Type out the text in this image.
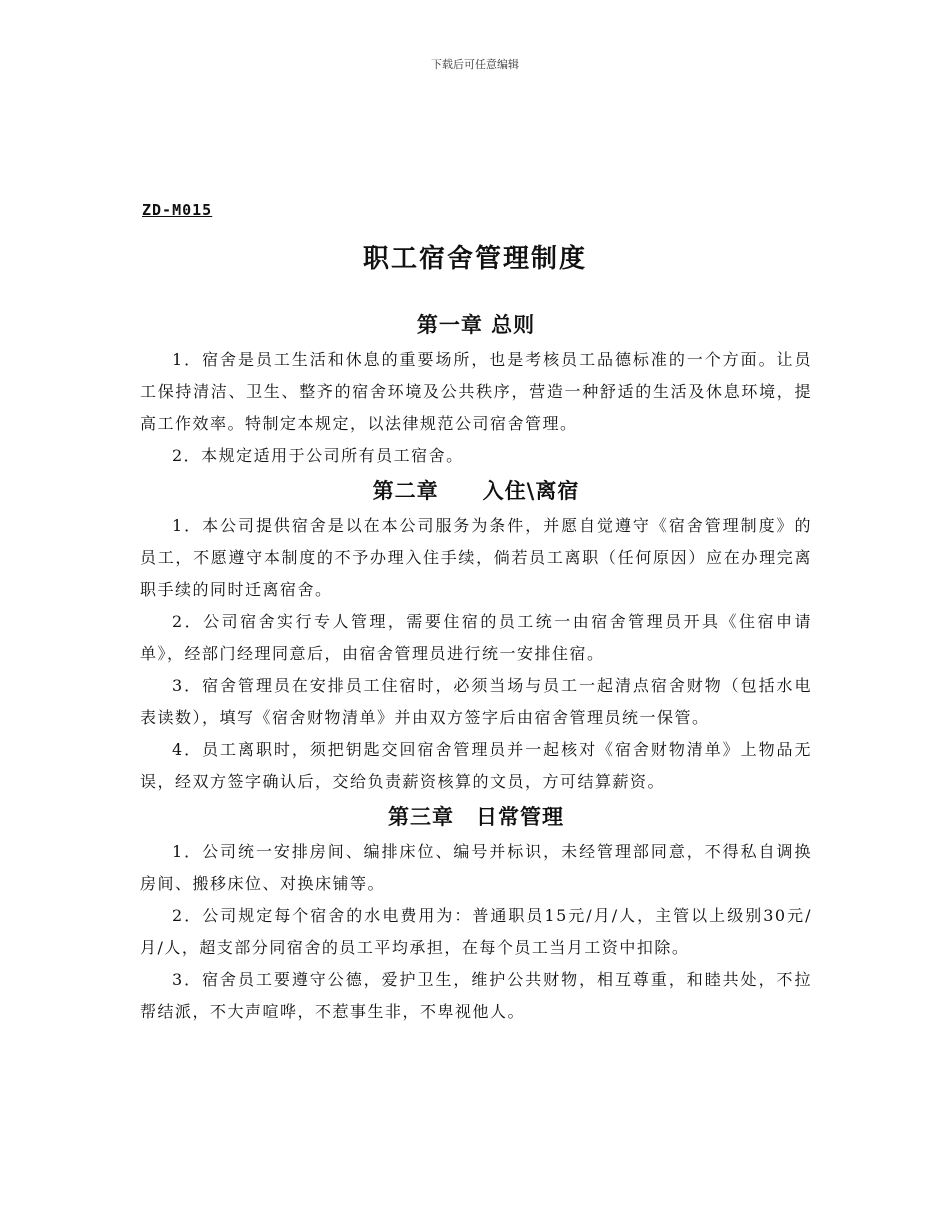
下载后可任意编辑
ZD-M015
职工宿舍管理制度
第一章 总则

1．宿舍是员工生活和休息的重要场所，也是考核员工品德标准的一个方面。让员工保持清洁、卫生、整齐的宿舍环境及公共秩序，营造一种舒适的生活及休息环境，提高工作效率。特制定本规定，以法律规范公司宿舍管理。

2．本规定适用于公司所有员工宿舍。

第二章　　入住\离宿

1．本公司提供宿舍是以在本公司服务为条件，并愿自觉遵守《宿舍管理制度》的员工，不愿遵守本制度的不予办理入住手续，倘若员工离职（任何原因）应在办理完离职手续的同时迁离宿舍。

2．公司宿舍实行专人管理，需要住宿的员工统一由宿舍管理员开具《住宿申请单》，经部门经理同意后，由宿舍管理员进行统一安排住宿。

3．宿舍管理员在安排员工住宿时，必须当场与员工一起清点宿舍财物（包括水电表读数），填写《宿舍财物清单》并由双方签字后由宿舍管理员统一保管。

4．员工离职时，须把钥匙交回宿舍管理员并一起核对《宿舍财物清单》上物品无误，经双方签字确认后，交给负责薪资核算的文员，方可结算薪资。

第三章　日常管理

1．公司统一安排房间、编排床位、编号并标识，未经管理部同意，不得私自调换房间、搬移床位、对换床铺等。

2．公司规定每个宿舍的水电费用为：普通职员15元/月/人，主管以上级别30元/月/人，超支部分同宿舍的员工平均承担，在每个员工当月工资中扣除。

3．宿舍员工要遵守公德，爱护卫生，维护公共财物，相互尊重，和睦共处，不拉帮结派，不大声喧哗，不惹事生非，不卑视他人。
